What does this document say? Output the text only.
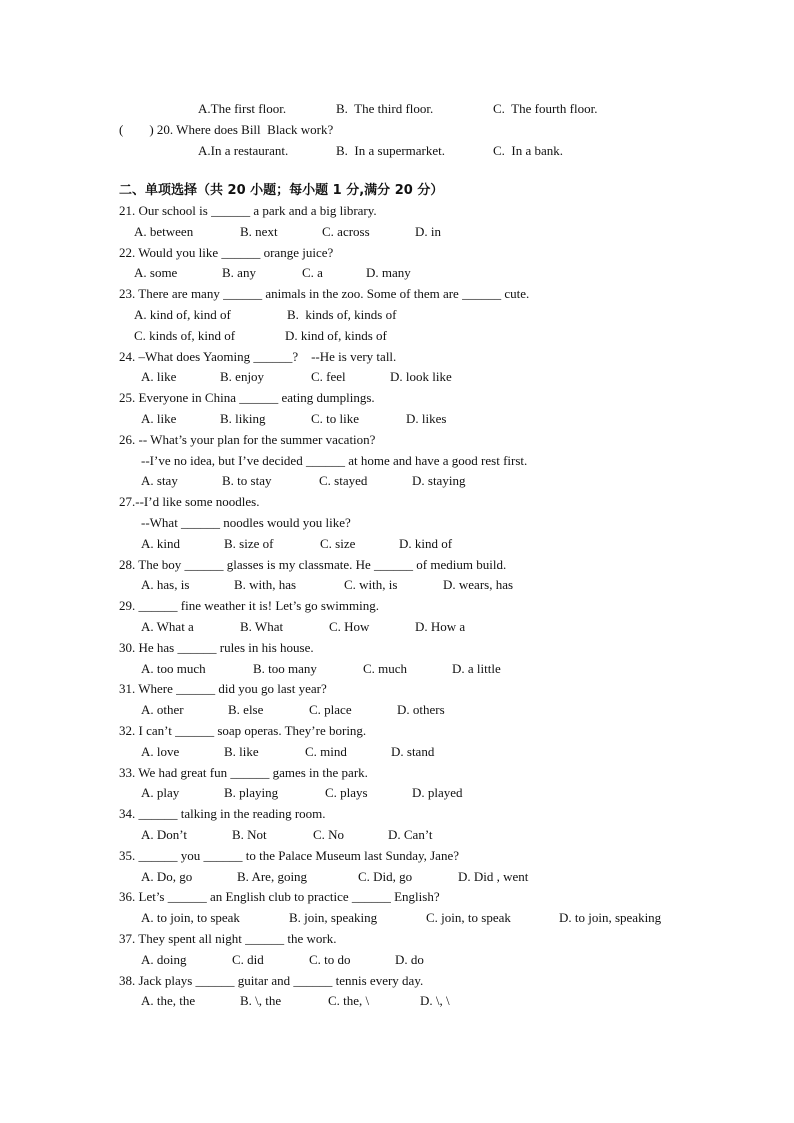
A.The first floor.	B.  The third floor.	C.  The fourth floor.
(        ) 20. Where does Bill  Black work?
A.In a restaurant.	B.  In a supermarket.	C.  In a bank.
二、单项选择（共 20 小题；每小题 1 分,满分 20 分）
21. Our school is ______ a park and a big library.
A. between	B. next	C. across	D. in
22. Would you like ______ orange juice?
A. some	B. any	C. a	D. many
23. There are many ______ animals in the zoo. Some of them are ______ cute.
A. kind of, kind of	B.  kinds of, kinds of
C. kinds of, kind of	D. kind of, kinds of
24. –What does Yaoming ______?    --He is very tall.
A. like	B. enjoy	C. feel	D. look like
25. Everyone in China ______ eating dumplings.
A. like	B. liking	C. to like	D. likes
26. -- What’s your plan for the summer vacation?
--I’ve no idea, but I’ve decided ______ at home and have a good rest first.
A. stay	B. to stay	C. stayed	D. staying
27.--I’d like some noodles.
--What ______ noodles would you like?
A. kind	B. size of	C. size	D. kind of
28. The boy ______ glasses is my classmate. He ______ of medium build.
A. has, is	B. with, has	C. with, is	D. wears, has
29. ______ fine weather it is! Let’s go swimming.
A. What a	B. What	C. How	D. How a
30. He has ______ rules in his house.
A. too much	B. too many	C. much	D. a little
31. Where ______ did you go last year?
A. other	B. else	C. place	D. others
32. I can’t ______ soap operas. They’re boring.
A. love	B. like	C. mind	D. stand
33. We had great fun ______ games in the park.
A. play	B. playing	C. plays	D. played
34. ______ talking in the reading room.
A. Don’t	B. Not	C. No	D. Can’t
35. ______ you ______ to the Palace Museum last Sunday, Jane?
A. Do, go	B. Are, going	C. Did, go	D. Did , went
36. Let’s ______ an English club to practice ______ English?
A. to join, to speak	B. join, speaking	C. join, to speak	D. to join, speaking
37. They spent all night ______ the work.
A. doing	C. did	C. to do	D. do
38. Jack plays ______ guitar and ______ tennis every day.
A. the, the	B. \, the	C. the, \	D. \, \
